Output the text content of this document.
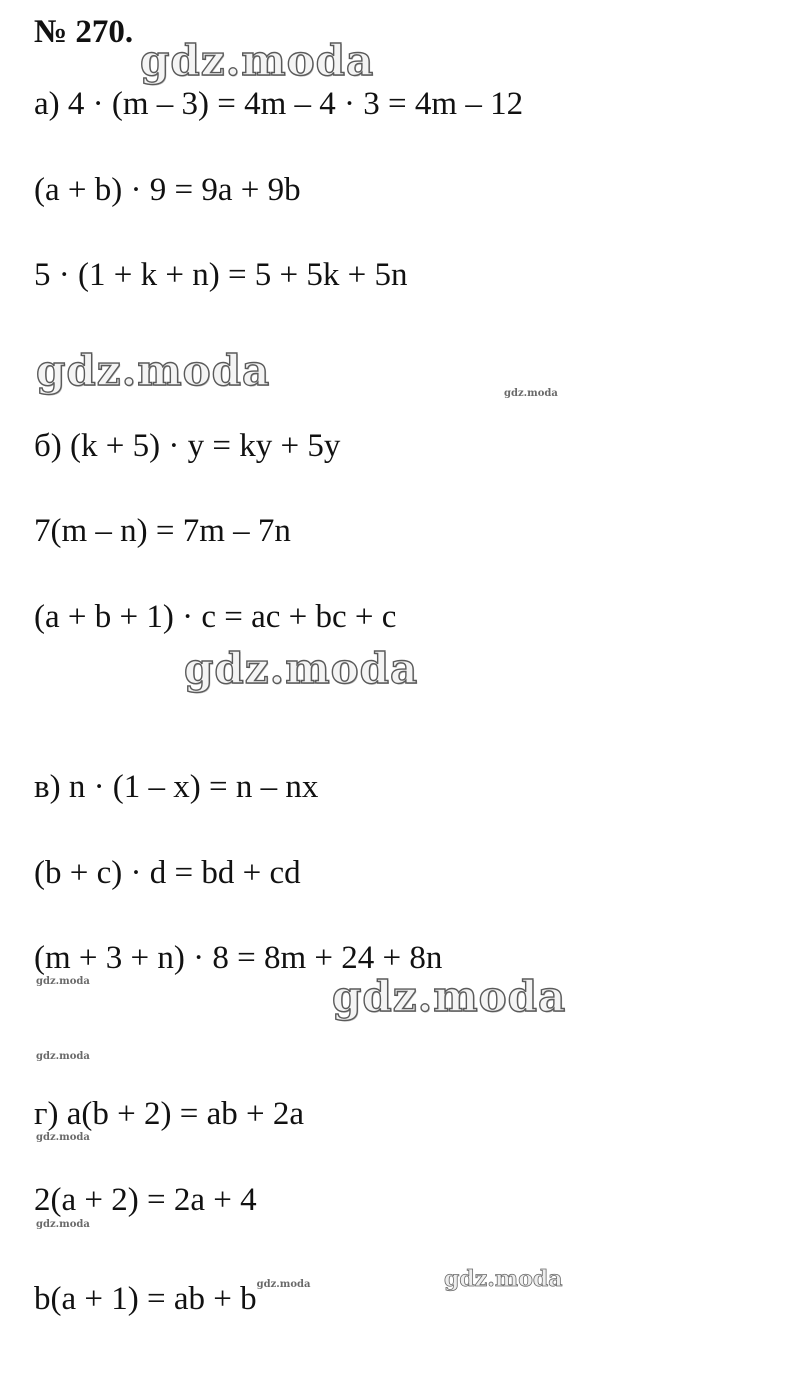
№ 270.
а) 4 · (m – 3) = 4m – 4 · 3 = 4m – 12
(a + b) · 9 = 9a + 9b
5 · (1 + k + n) = 5 + 5k + 5n
б) (k + 5) · y = ky + 5y
7(m – n) = 7m – 7n
(a + b + 1) · c = ac + bc + c
в) n · (1 – x) = n – nx
(b + c) · d = bd + cd
(m + 3 + n) · 8 = 8m + 24 + 8n
г) a(b + 2) = ab + 2a
2(a + 2) = 2a + 4
b(a + 1) = ab + $b^{gdz.moda}$
gdz.moda
gdz.moda	gdz.moda
gdz.moda
gdz.moda	gdz.moda
gdz.moda
gdz.moda
gdz.moda
gdz.moda
